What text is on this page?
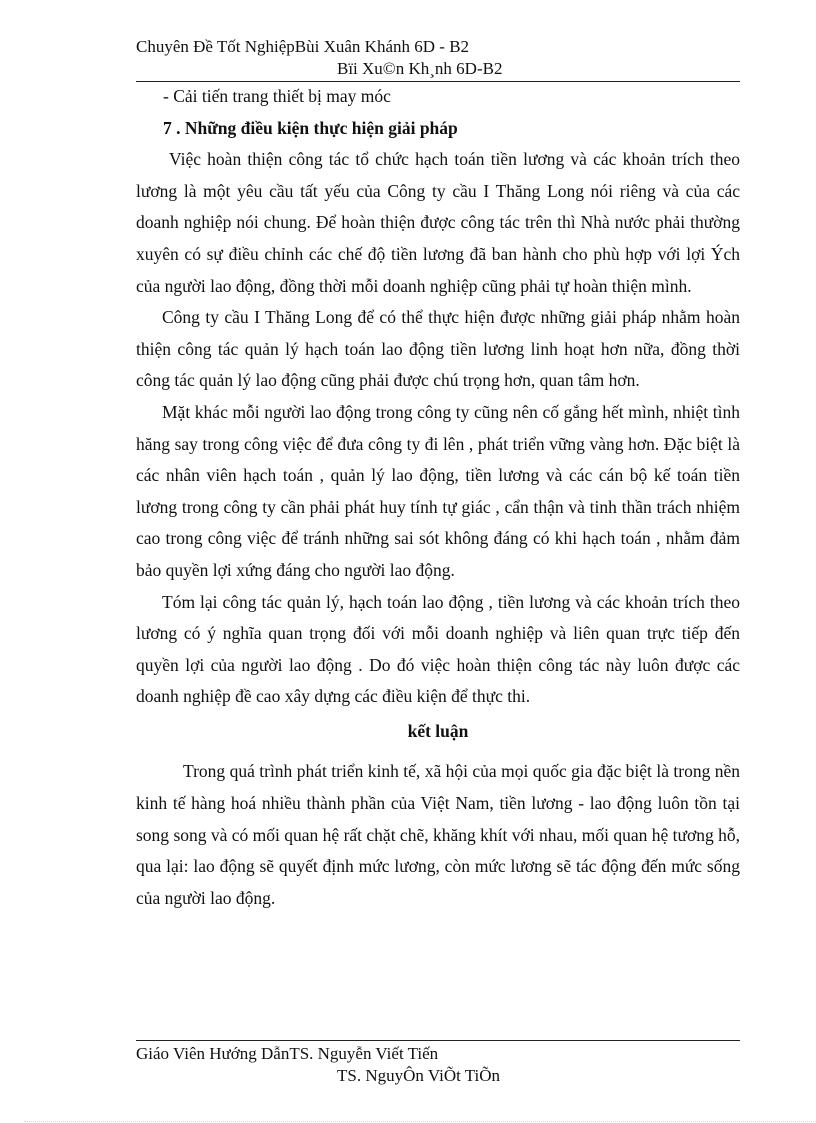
Chuyên Đề Tốt NghiệpBùi Xuân Khánh 6D - B2
Bïi Xu©n Kh¸nh 6D-B2

- Cải tiến trang thiết bị may móc

7 . Những điều kiện thực hiện giải pháp

Việc hoàn thiện công tác tổ chức hạch toán tiền lương và các khoản trích theo lương là một yêu cầu tất yếu của Công ty cầu I Thăng Long nói riêng và của các doanh nghiệp nói chung. Để hoàn thiện được công tác trên thì Nhà nước phải thường xuyên có sự điều chỉnh các chế độ tiền lương đã ban hành cho phù hợp với lợi Ých của người lao động, đồng thời mỗi doanh nghiệp cũng phải tự hoàn thiện mình.

Công ty cầu I Thăng Long để có thể thực hiện được những giải pháp nhằm hoàn thiện công tác quản lý hạch toán lao động tiền lương linh hoạt hơn nữa, đồng thời công tác quản lý lao động cũng phải được chú trọng hơn, quan tâm hơn.

Mặt khác mỗi người lao động trong công ty cũng nên cố gắng hết mình, nhiệt tình hăng say trong công việc để đưa công ty đi lên , phát triển vững vàng hơn. Đặc biệt là các nhân viên hạch toán , quản lý lao động, tiền lương và các cán bộ kế toán tiền lương trong công ty cần phải phát huy tính tự giác , cẩn thận và tinh thần trách nhiệm cao trong công việc để tránh những sai sót không đáng có khi hạch toán , nhằm đảm bảo quyền lợi xứng đáng cho người lao động.

Tóm lại công tác quản lý, hạch toán lao động , tiền lương và các khoản trích theo lương có ý nghĩa quan trọng đối với mỗi doanh nghiệp và liên quan trực tiếp đến quyền lợi của người lao động . Do đó việc hoàn thiện công tác này luôn được các doanh nghiệp đề cao xây dựng các điều kiện để thực thi.

kết luận

Trong quá trình phát triển kinh tế, xã hội của mọi quốc gia đặc biệt là trong nền kinh tế hàng hoá nhiều thành phần của Việt Nam, tiền lương - lao động luôn tồn tại song song và có mối quan hệ rất chặt chẽ, khăng khít với nhau, mối quan hệ tương hỗ, qua lại: lao động sẽ quyết định mức lương, còn mức lương sẽ tác động đến mức sống của người lao động.

Giáo Viên Hướng DẫnTS. Nguyễn Viết Tiến
TS. NguyÔn ViÕt TiÕn
